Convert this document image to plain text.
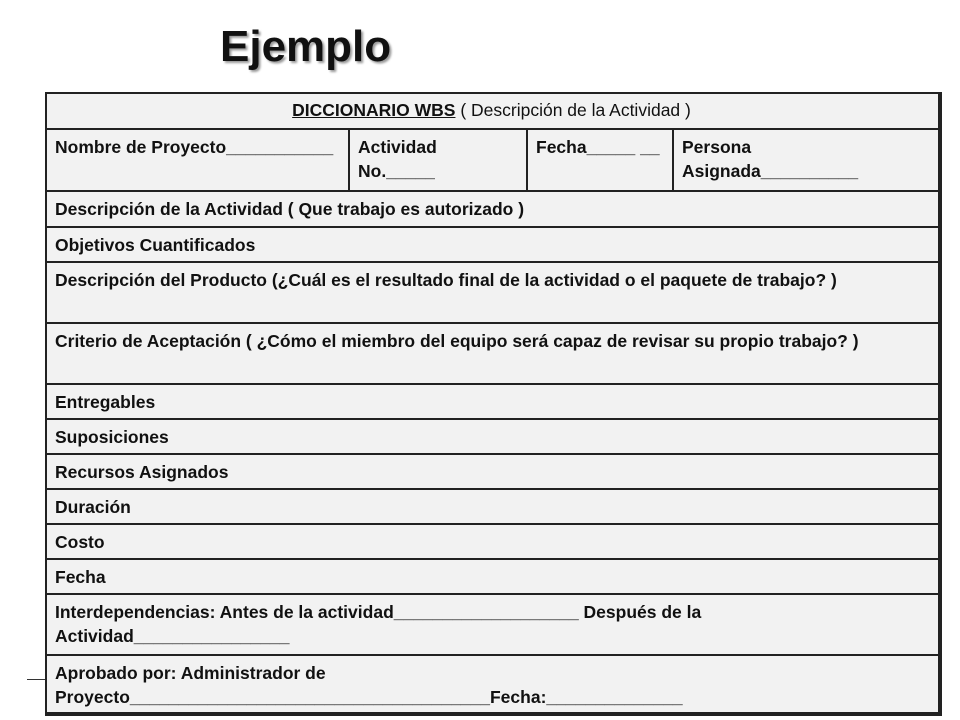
Ejemplo
DICCIONARIO WBS ( Descripción de la Actividad )
Nombre de Proyecto___________	Actividad No._____
Fecha_____ __	Persona Asignada__________
Descripción de la Actividad ( Que trabajo es autorizado )
Objetivos Cuantificados
Descripción del Producto (¿Cuál es el resultado final de la actividad o el paquete de trabajo? )
Criterio de Aceptación ( ¿Cómo el miembro del equipo será capaz de revisar su propio trabajo? )
Entregables
Suposiciones
Recursos Asignados
Duración
Costo
Fecha
Interdependencias: Antes de la actividad___________________ Después de la Actividad________________
Aprobado por: Administrador de Proyecto_____________________________________Fecha:______________
